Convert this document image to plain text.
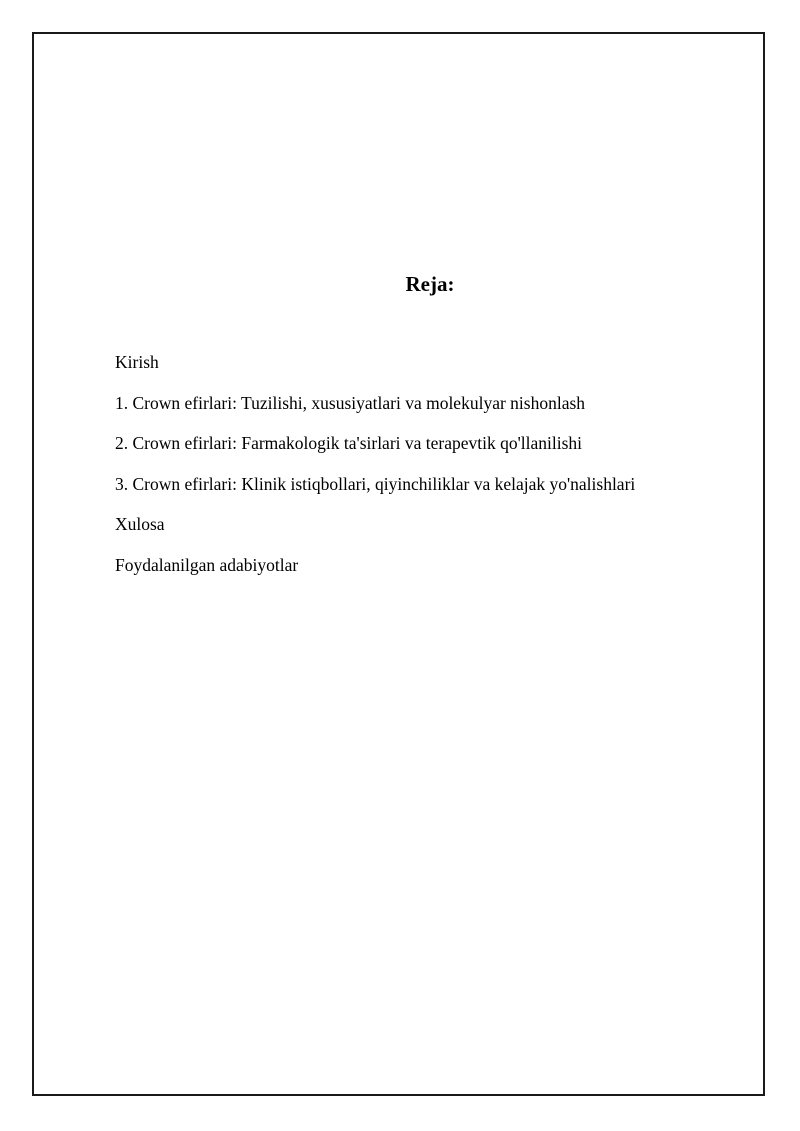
Reja:
Kirish
1. Crown efirlari: Tuzilishi, xususiyatlari va molekulyar nishonlash
2. Crown efirlari: Farmakologik ta'sirlari va terapevtik qo'llanilishi
3. Crown efirlari: Klinik istiqbollari, qiyinchiliklar va kelajak yo'nalishlari
Xulosa
Foydalanilgan adabiyotlar
